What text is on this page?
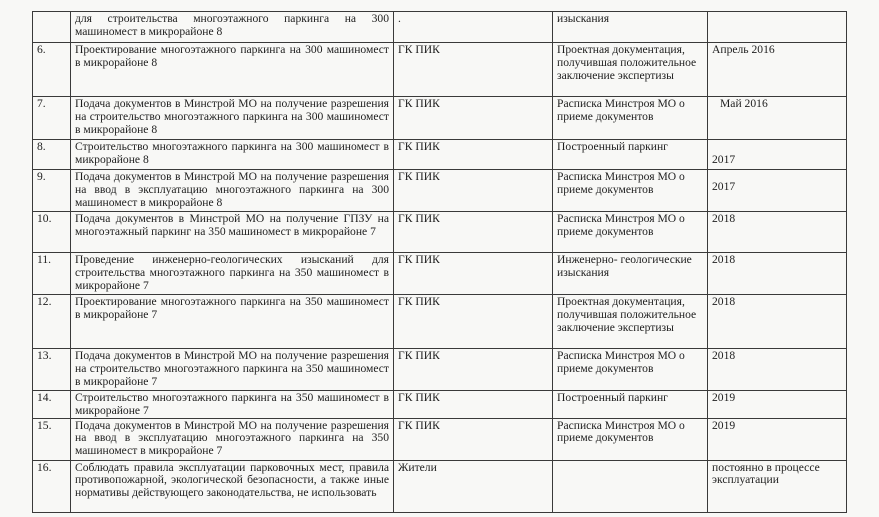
	для строительства многоэтажного паркинга на 300 машиномест в микрорайоне 8	.	изыскания	

6.	Проектирование многоэтажного паркинга на 300 машиномест в микрорайоне 8	ГК ПИК	Проектная документация, получившая положительное заключение экспертизы	Апрель 2016

7.	Подача документов в Минстрой МО на получение разрешения на строительство многоэтажного паркинга на 300 машиномест в микрорайоне 8	ГК ПИК	Расписка Минстроя МО о приеме документов	Май 2016

8.	Строительство многоэтажного паркинга на 300 машиномест в микрорайоне 8	ГК ПИК	Построенный паркинг	2017

9.	Подача документов в Минстрой МО на получение разрешения на ввод в эксплуатацию многоэтажного паркинга на 300 машиномест в микрорайоне 8	ГК ПИК	Расписка Минстроя МО о приеме документов	2017

10.	Подача документов в Минстрой МО на получение ГПЗУ на многоэтажный паркинг на 350 машиномест в микрорайоне 7	ГК ПИК	Расписка Минстроя МО о приеме документов	2018

11.	Проведение инженерно-геологических изысканий для строительства многоэтажного паркинга на 350 машиномест в микрорайоне 7	ГК ПИК	Инженерно- геологические изыскания	2018

12.	Проектирование многоэтажного паркинга на 350 машиномест в микрорайоне 7	ГК ПИК	Проектная документация, получившая положительное заключение экспертизы	2018

13.	Подача документов в Минстрой МО на получение разрешения на строительство многоэтажного паркинга на 350 машиномест в микрорайоне 7	ГК ПИК	Расписка Минстроя МО о приеме документов	2018

14.	Строительство многоэтажного паркинга на 350 машиномест в микрорайоне 7	ГК ПИК	Построенный паркинг	2019

15.	Подача документов в Минстрой МО на получение разрешения на ввод в эксплуатацию многоэтажного паркинга на 350 машиномест в микрорайоне 7	ГК ПИК	Расписка Минстроя МО о приеме документов	2019

16.	Соблюдать правила эксплуатации парковочных мест, правила противопожарной, экологической безопасности, а также иные нормативы действующего законодательства, не использовать	Жители		постоянно в процессе эксплуатации
